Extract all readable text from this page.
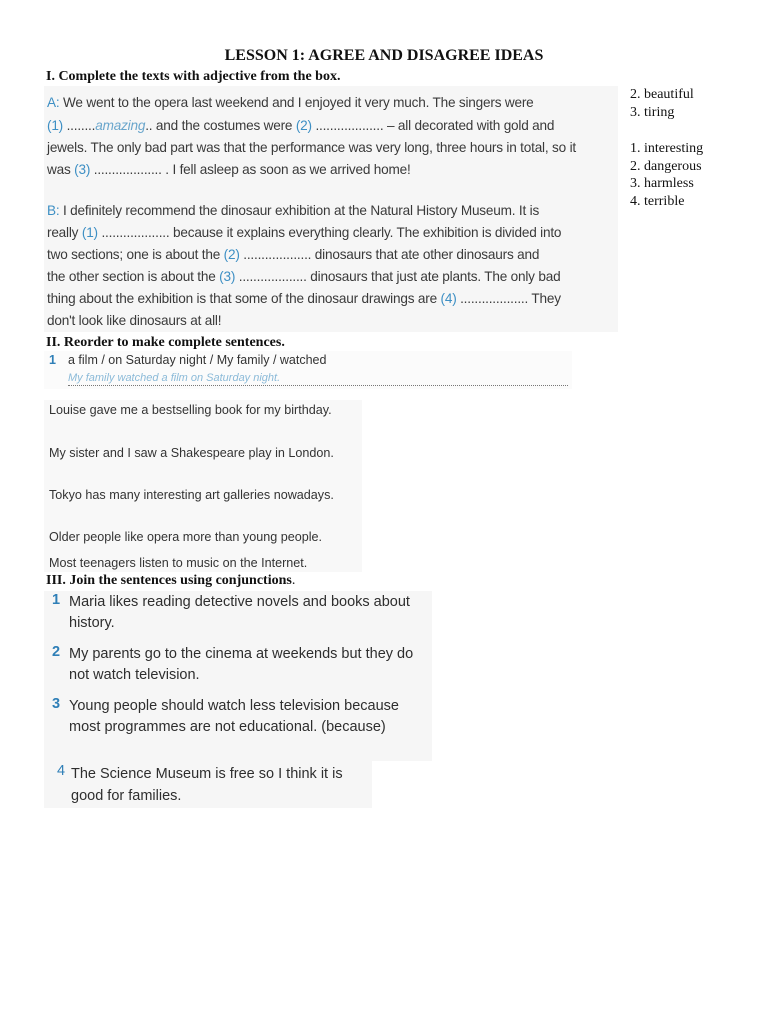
LESSON 1: AGREE AND DISAGREE IDEAS
I. Complete the texts with adjective from the box.
A: We went to the opera last weekend and I enjoyed it very much. The singers were
(1) ........amazing.. and the costumes were (2) ................... – all decorated with gold and
jewels. The only bad part was that the performance was very long, three hours in total, so it
was (3) ................... . I fell asleep as soon as we arrived home!
B: I definitely recommend the dinosaur exhibition at the Natural History Museum. It is
really (1) ................... because it explains everything clearly. The exhibition is divided into
two sections; one is about the (2) ................... dinosaurs that ate other dinosaurs and
the other section is about the (3) ................... dinosaurs that just ate plants. The only bad
thing about the exhibition is that some of the dinosaur drawings are (4) ................... They
don't look like dinosaurs at all!
2. beautiful
3. tiring
1. interesting
2. dangerous
3. harmless
4. terrible
II. Reorder to make complete sentences.
1 a film / on Saturday night / My family / watched
My family watched a film on Saturday night.
Louise gave me a bestselling book for my birthday.
My sister and I saw a Shakespeare play in London.
Tokyo has many interesting art galleries nowadays.
Older people like opera more than young people.
Most teenagers listen to music on the Internet.
III. Join the sentences using conjunctions.
1 Maria likes reading detective novels and books about history.
2 My parents go to the cinema at weekends but they do not watch television.
3 Young people should watch less television because most programmes are not educational. (because)
4 The Science Museum is free so I think it is good for families.
